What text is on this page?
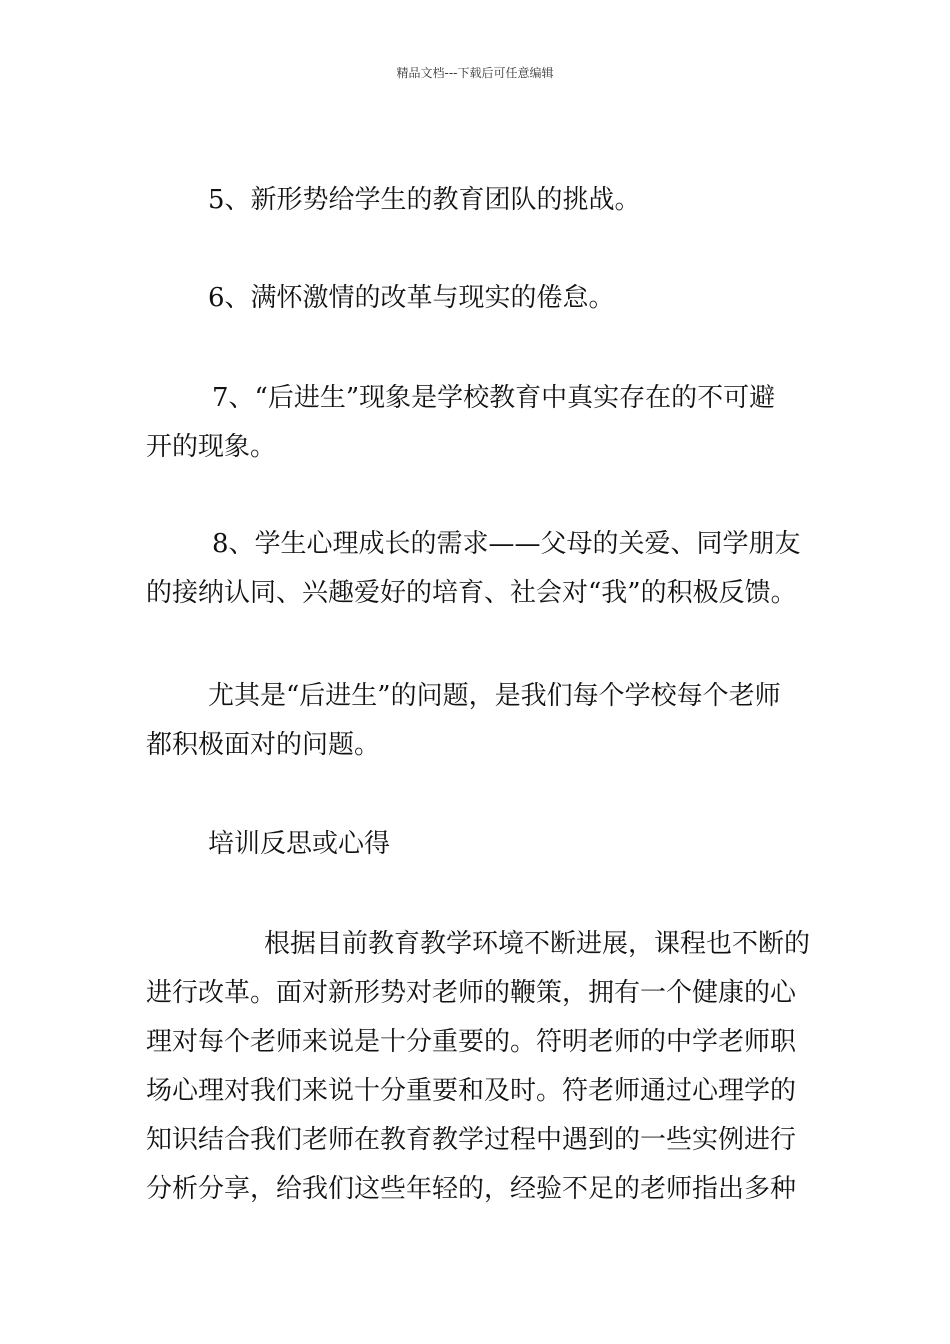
精品文档---下载后可任意编辑
5、新形势给学生的教育团队的挑战。
6、满怀激情的改革与现实的倦怠。
7、“后进生”现象是学校教育中真实存在的不可避
开的现象。
8、学生心理成长的需求——父母的关爱、同学朋友
的接纳认同、兴趣爱好的培育、社会对“我”的积极反馈。
尤其是“后进生”的问题，是我们每个学校每个老师
都积极面对的问题。
培训反思或心得
根据目前教育教学环境不断进展，课程也不断的
进行改革。面对新形势对老师的鞭策，拥有一个健康的心
理对每个老师来说是十分重要的。符明老师的中学老师职
场心理对我们来说十分重要和及时。符老师通过心理学的
知识结合我们老师在教育教学过程中遇到的一些实例进行
分析分享，给我们这些年轻的，经验不足的老师指出多种
